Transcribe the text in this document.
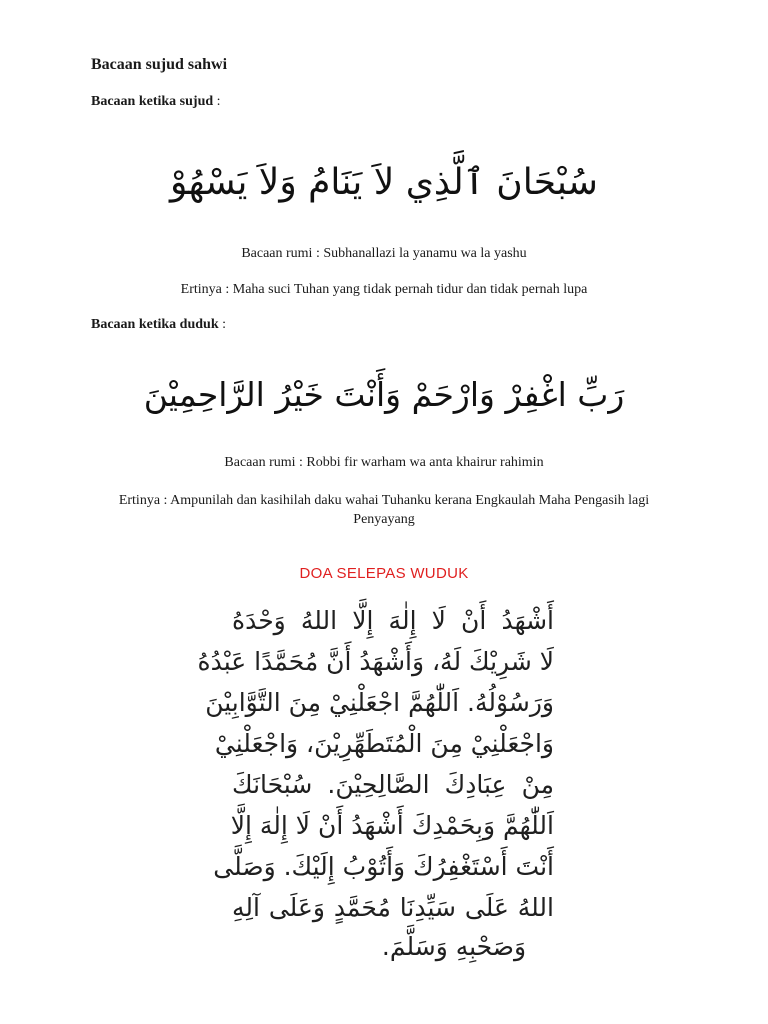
Bacaan sujud sahwi
Bacaan ketika sujud :
سُبْحَانَ ٱلَّذِي لاَ يَنَامُ وَلاَ يَسْهُوْ
Bacaan rumi : Subhanallazi la yanamu wa la yashu
Ertinya : Maha suci Tuhan yang tidak pernah tidur dan tidak pernah lupa
Bacaan ketika duduk :
رَبِّ اغْفِرْ وَارْحَمْ وَأَنْتَ خَيْرُ الرَّاحِمِيْنَ
Bacaan rumi : Robbi fir warham wa anta khairur rahimin
Ertinya : Ampunilah dan kasihilah daku wahai Tuhanku kerana Engkaulah Maha Pengasih lagi Penyayang
DOA SELEPAS WUDUK
أَشْهَدُ أَنْ لَا إِلٰهَ إِلَّا اللهُ وَحْدَهُ
لَا شَرِيْكَ لَهُ، وَأَشْهَدُ أَنَّ مُحَمَّدًا عَبْدُهُ
وَرَسُوْلُهُ. اَللّٰهُمَّ اجْعَلْنِيْ مِنَ التَّوَّابِيْنَ
وَاجْعَلْنِيْ مِنَ الْمُتَطَهِّرِيْنَ، وَاجْعَلْنِيْ
مِنْ عِبَادِكَ الصَّالِحِيْنَ. سُبْحَانَكَ
اَللّٰهُمَّ وَبِحَمْدِكَ أَشْهَدُ أَنْ لَا إِلٰهَ إِلَّا
أَنْتَ أَسْتَغْفِرُكَ وَأَتُوْبُ إِلَيْكَ. وَصَلَّى
اللهُ عَلَى سَيِّدِنَا مُحَمَّدٍ وَعَلَى آلِهِ
وَصَحْبِهِ وَسَلَّمَ.
